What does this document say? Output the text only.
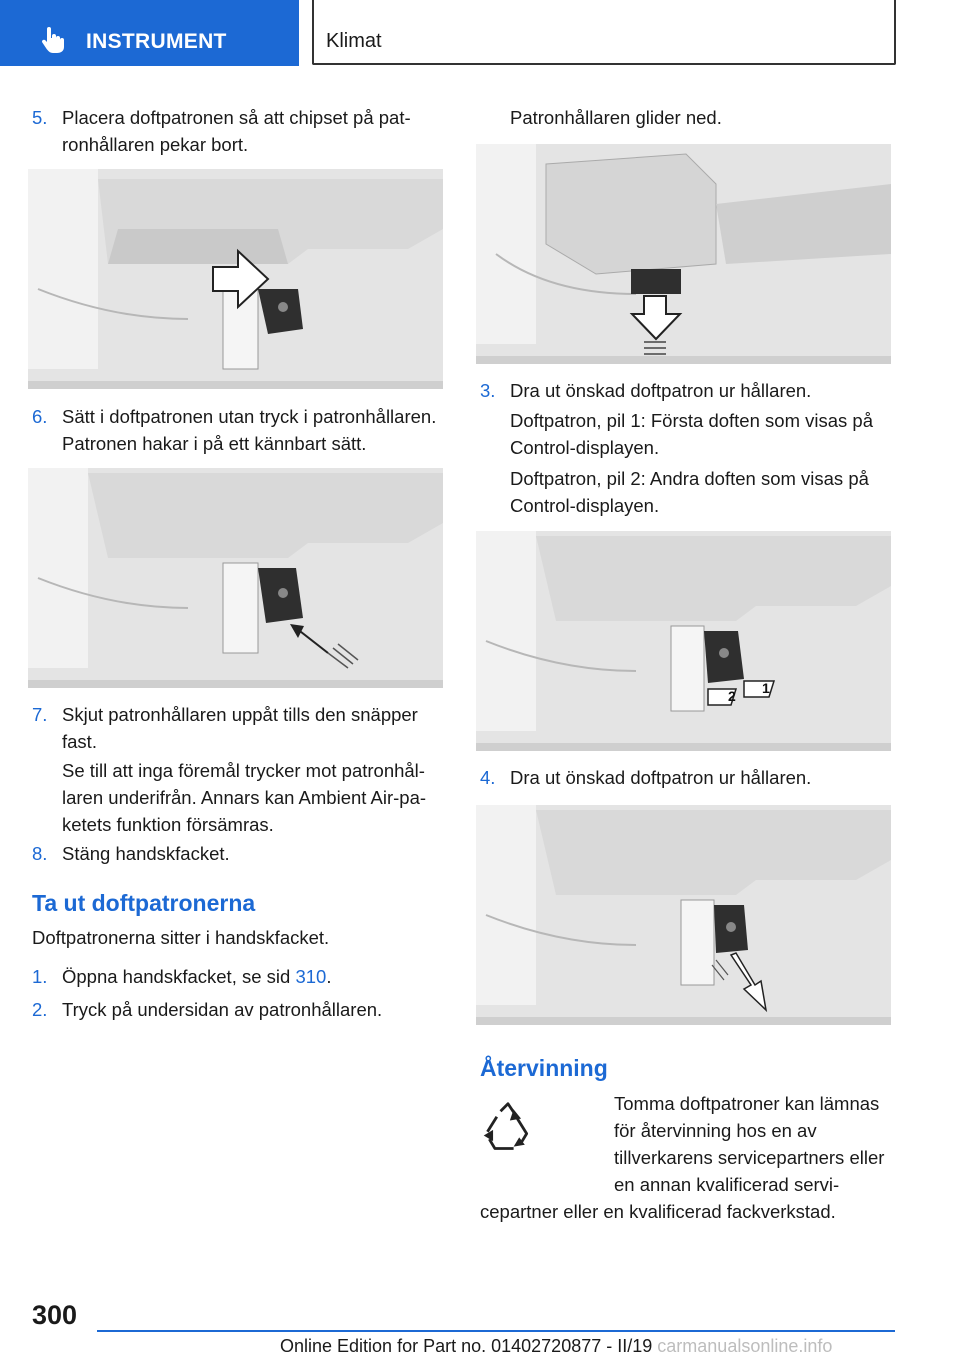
INSTRUMENT	Klimat
5. Placera doftpatronen så att chipset på patronhållaren pekar bort.
6. Sätt i doftpatronen utan tryck i patronhållaren. Patronen hakar i på ett kännbart sätt.
7. Skjut patronhållaren uppåt tills den snäpper fast.
Se till att inga föremål trycker mot patronhållaren underifrån. Annars kan Ambient Air-paketets funktion försämras.
8. Stäng handskfacket.
Ta ut doftpatronerna
Doftpatronerna sitter i handskfacket.
1. Öppna handskfacket, se sid 310.
2. Tryck på undersidan av patronhållaren.
Patronhållaren glider ned.
3. Dra ut önskad doftpatron ur hållaren.
Doftpatron, pil 1: Första doften som visas på Control-displayen.
Doftpatron, pil 2: Andra doften som visas på Control-displayen.
2 1
4. Dra ut önskad doftpatron ur hållaren.
Återvinning
Tomma doftpatroner kan lämnas för återvinning hos en av tillverkarens servicepartners eller en annan kvalificerad servicepartner eller en kvalificerad fackverkstad.
300
Online Edition for Part no. 01402720877 - II/19 carmanualsonline.info
